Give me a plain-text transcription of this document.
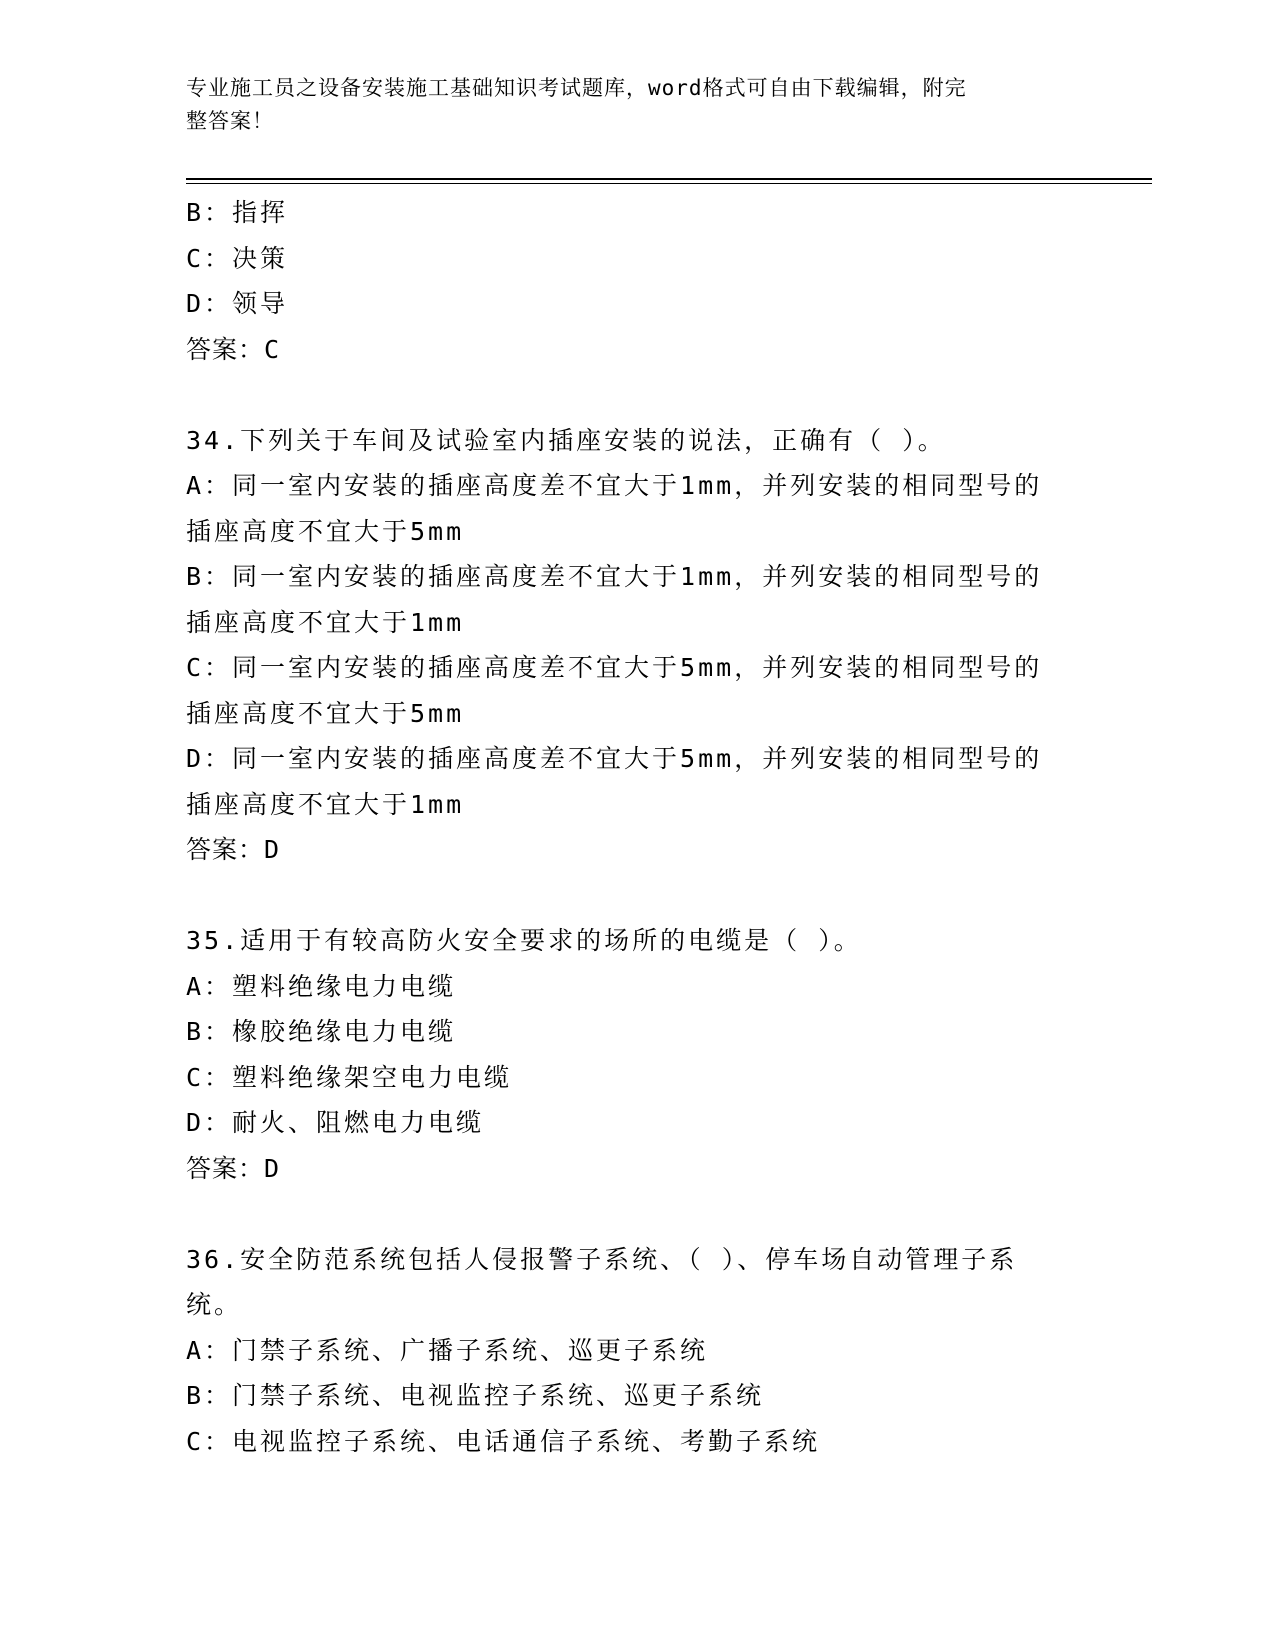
专业施工员之设备安装施工基础知识考试题库，word格式可自由下载编辑，附完
整答案！
B：指挥
C：决策
D：领导
答案：C
34.下列关于车间及试验室内插座安装的说法，正确有（ ）。
A：同一室内安装的插座高度差不宜大于1mm，并列安装的相同型号的
插座高度不宜大于5mm
B：同一室内安装的插座高度差不宜大于1mm，并列安装的相同型号的
插座高度不宜大于1mm
C：同一室内安装的插座高度差不宜大于5mm，并列安装的相同型号的
插座高度不宜大于5mm
D：同一室内安装的插座高度差不宜大于5mm，并列安装的相同型号的
插座高度不宜大于1mm
答案：D
35.适用于有较高防火安全要求的场所的电缆是（ ）。
A：塑料绝缘电力电缆
B：橡胶绝缘电力电缆
C：塑料绝缘架空电力电缆
D：耐火、阻燃电力电缆
答案：D
36.安全防范系统包括人侵报警子系统、（ ）、停车场自动管理子系
统。
A：门禁子系统、广播子系统、巡更子系统
B：门禁子系统、电视监控子系统、巡更子系统
C：电视监控子系统、电话通信子系统、考勤子系统
